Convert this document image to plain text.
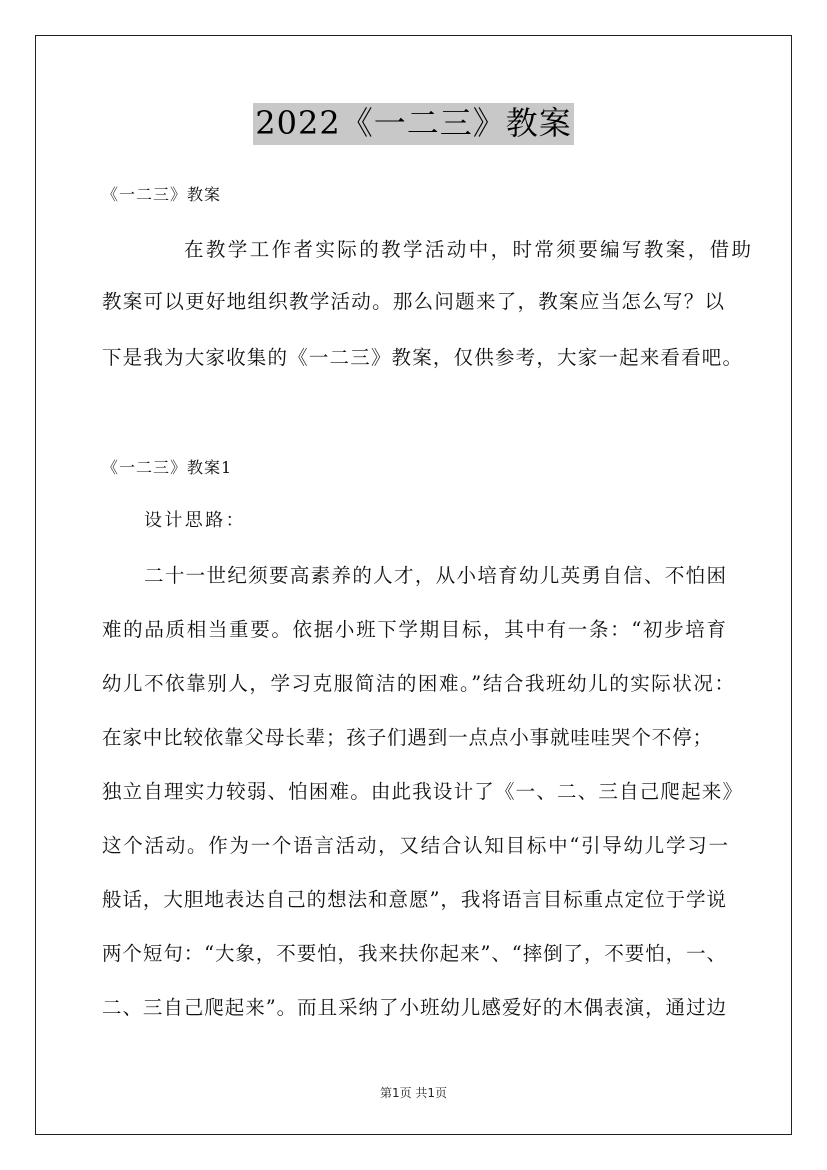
2022《一二三》教案
《一二三》教案
在教学工作者实际的教学活动中，时常须要编写教案，借助
教案可以更好地组织教学活动。那么问题来了，教案应当怎么写？以
下是我为大家收集的《一二三》教案，仅供参考，大家一起来看看吧。
《一二三》教案1
设计思路：
二十一世纪须要高素养的人才，从小培育幼儿英勇自信、不怕困
难的品质相当重要。依据小班下学期目标，其中有一条：“初步培育
幼儿不依靠别人，学习克服简洁的困难。”结合我班幼儿的实际状况：
在家中比较依靠父母长辈；孩子们遇到一点点小事就哇哇哭个不停；
独立自理实力较弱、怕困难。由此我设计了《一、二、三自己爬起来》
这个活动。作为一个语言活动，又结合认知目标中“引导幼儿学习一
般话，大胆地表达自己的想法和意愿”，我将语言目标重点定位于学说
两个短句：“大象，不要怕，我来扶你起来”、“摔倒了，不要怕，一、
二、三自己爬起来”。而且采纳了小班幼儿感爱好的木偶表演，通过边
第1页 共1页
